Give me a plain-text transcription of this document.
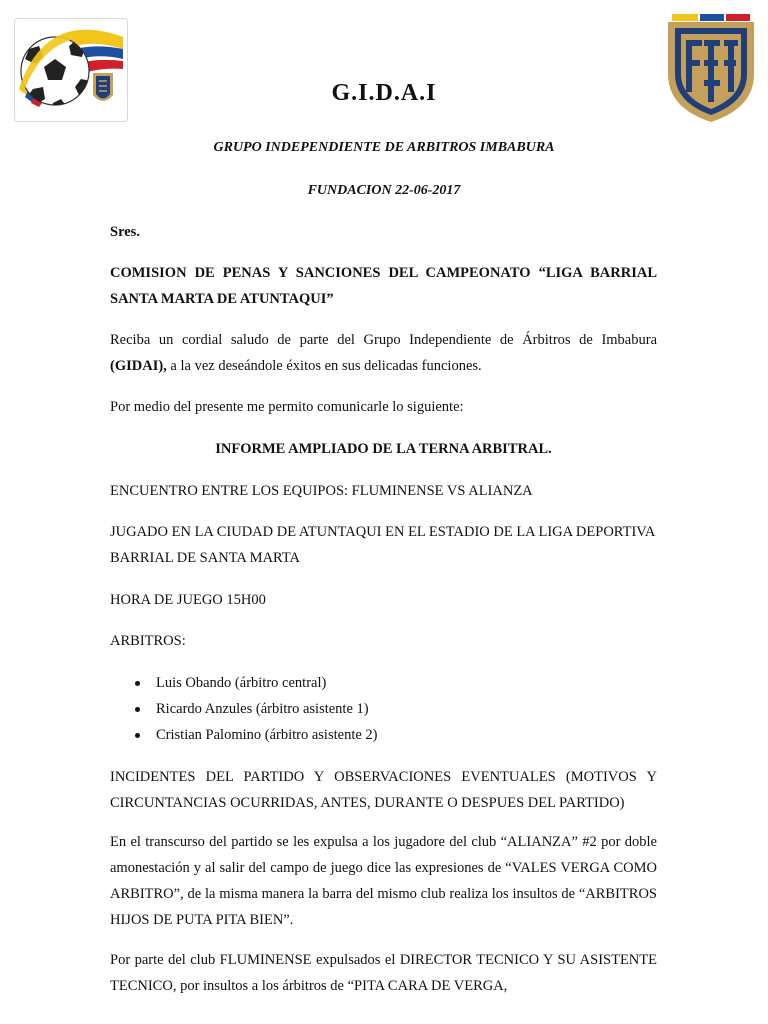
G.I.D.A.I
GRUPO INDEPENDIENTE DE ARBITROS IMBABURA
FUNDACION 22-06-2017
Sres.
COMISION DE PENAS Y SANCIONES DEL CAMPEONATO “LIGA BARRIAL SANTA MARTA DE ATUNTAQUI”
Reciba un cordial saludo de parte del Grupo Independiente de Árbitros de Imbabura (GIDAI), a la vez deseándole éxitos en sus delicadas funciones.
Por medio del presente me permito comunicarle lo siguiente:
INFORME AMPLIADO DE LA TERNA ARBITRAL.
ENCUENTRO ENTRE LOS EQUIPOS: FLUMINENSE VS ALIANZA
JUGADO EN LA CIUDAD DE ATUNTAQUI EN EL ESTADIO DE LA LIGA DEPORTIVA BARRIAL DE SANTA MARTA
HORA DE JUEGO 15H00
ARBITROS:
Luis Obando (árbitro central)
Ricardo Anzules (árbitro asistente 1)
Cristian Palomino (árbitro asistente 2)
INCIDENTES DEL PARTIDO Y OBSERVACIONES EVENTUALES (MOTIVOS Y CIRCUNTANCIAS OCURRIDAS, ANTES, DURANTE O DESPUES DEL PARTIDO)
En el transcurso del partido se les expulsa a los jugadore del club “ALIANZA” #2 por doble amonestación y al salir del campo de juego dice las expresiones de “VALES VERGA COMO ARBITRO”, de la misma manera la barra del mismo club realiza los insultos de “ARBITROS HIJOS DE PUTA PITA BIEN”.
Por parte del club FLUMINENSE expulsados el DIRECTOR TECNICO Y SU ASISTENTE TECNICO, por insultos a los árbitros de “PITA CARA DE VERGA,
